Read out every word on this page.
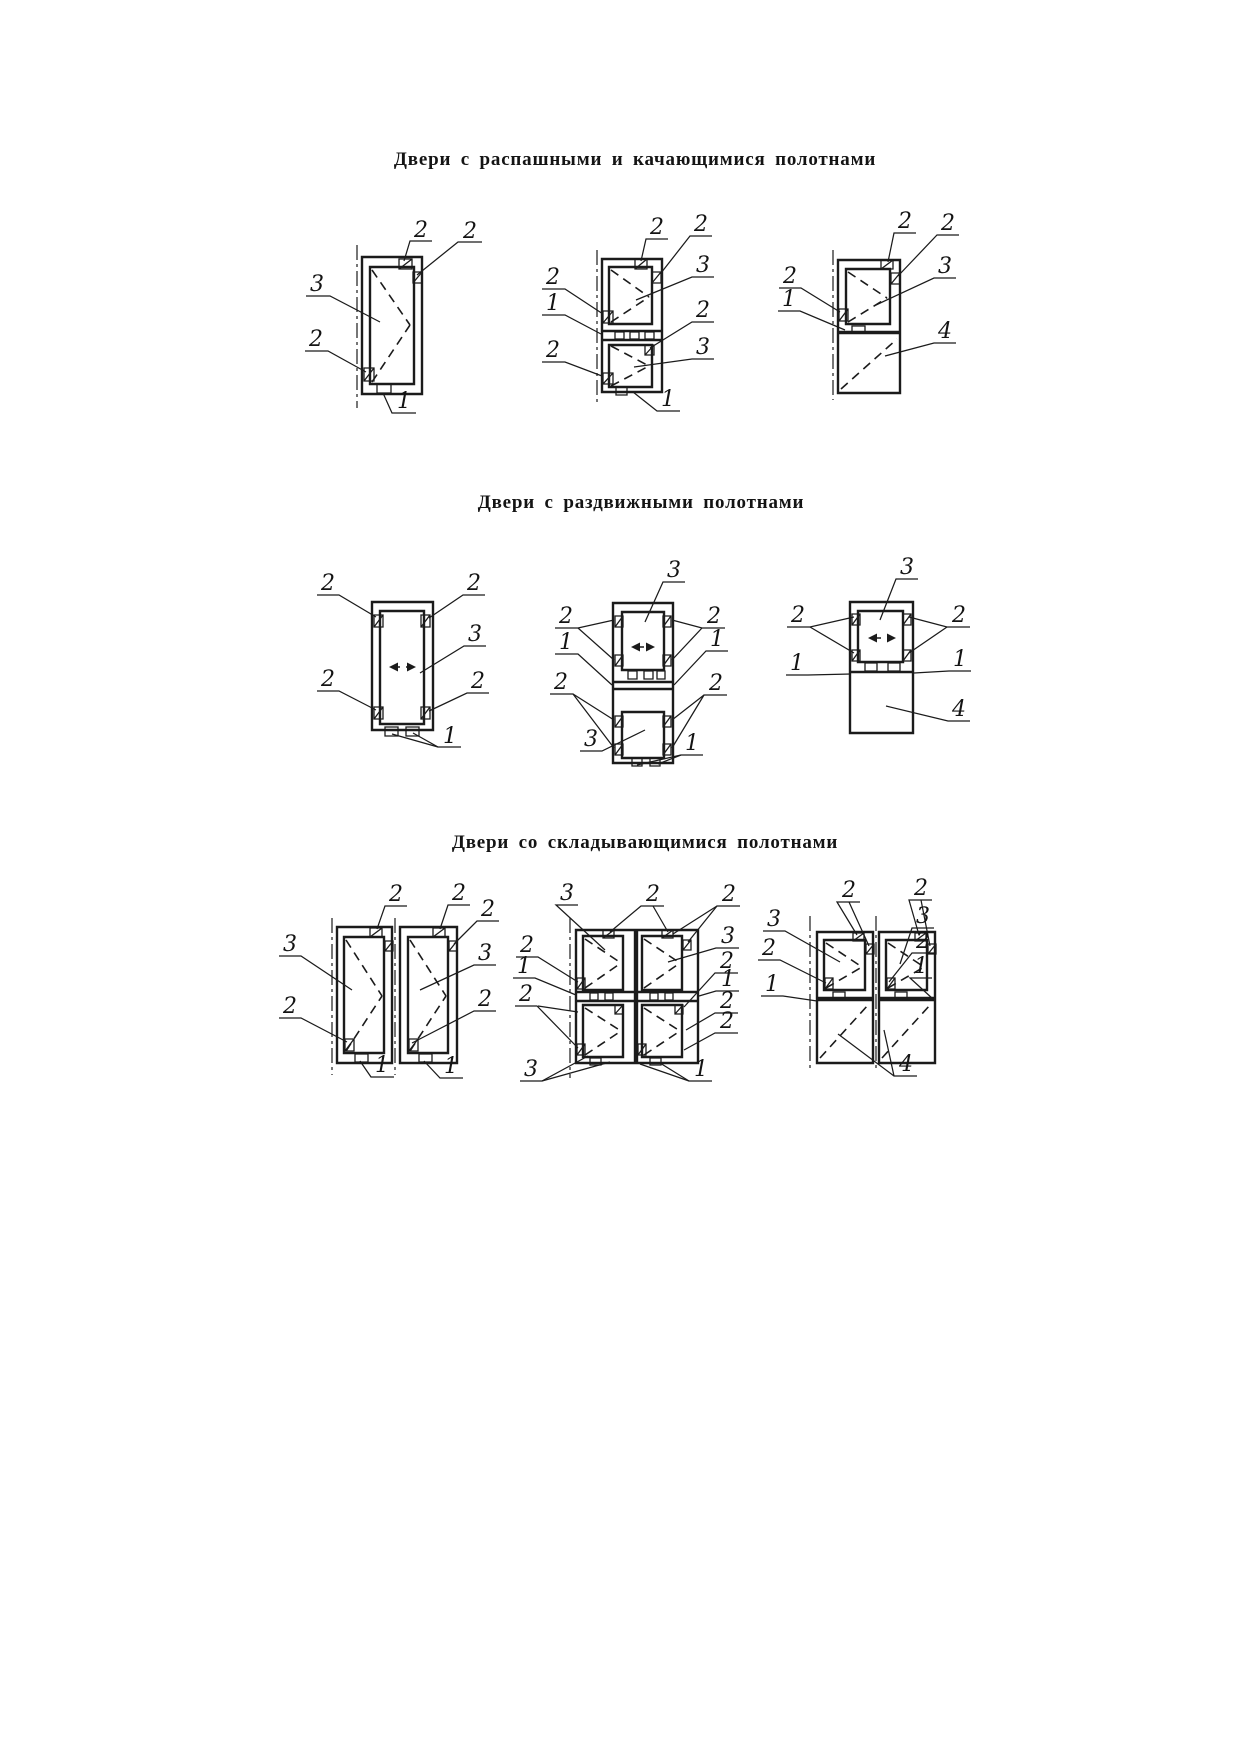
Двери с распашными и качающимися полотнами
Двери с раздвижными полотнами
Двери со складывающимися полотнами
2 2
3
2
1
2
2
1
2
2
3
2
3
1
2 2
3
2
1
4
2	2
3
2	2
1
3
2
1
2
2
1
2
3	1
3
2	2
1	1
4
2 2
2
3
2
3
2
1	1
3	2	2
2
1
2
3
2
1
2
2
3	1
2	2
3
2
1
3
2
1
4
